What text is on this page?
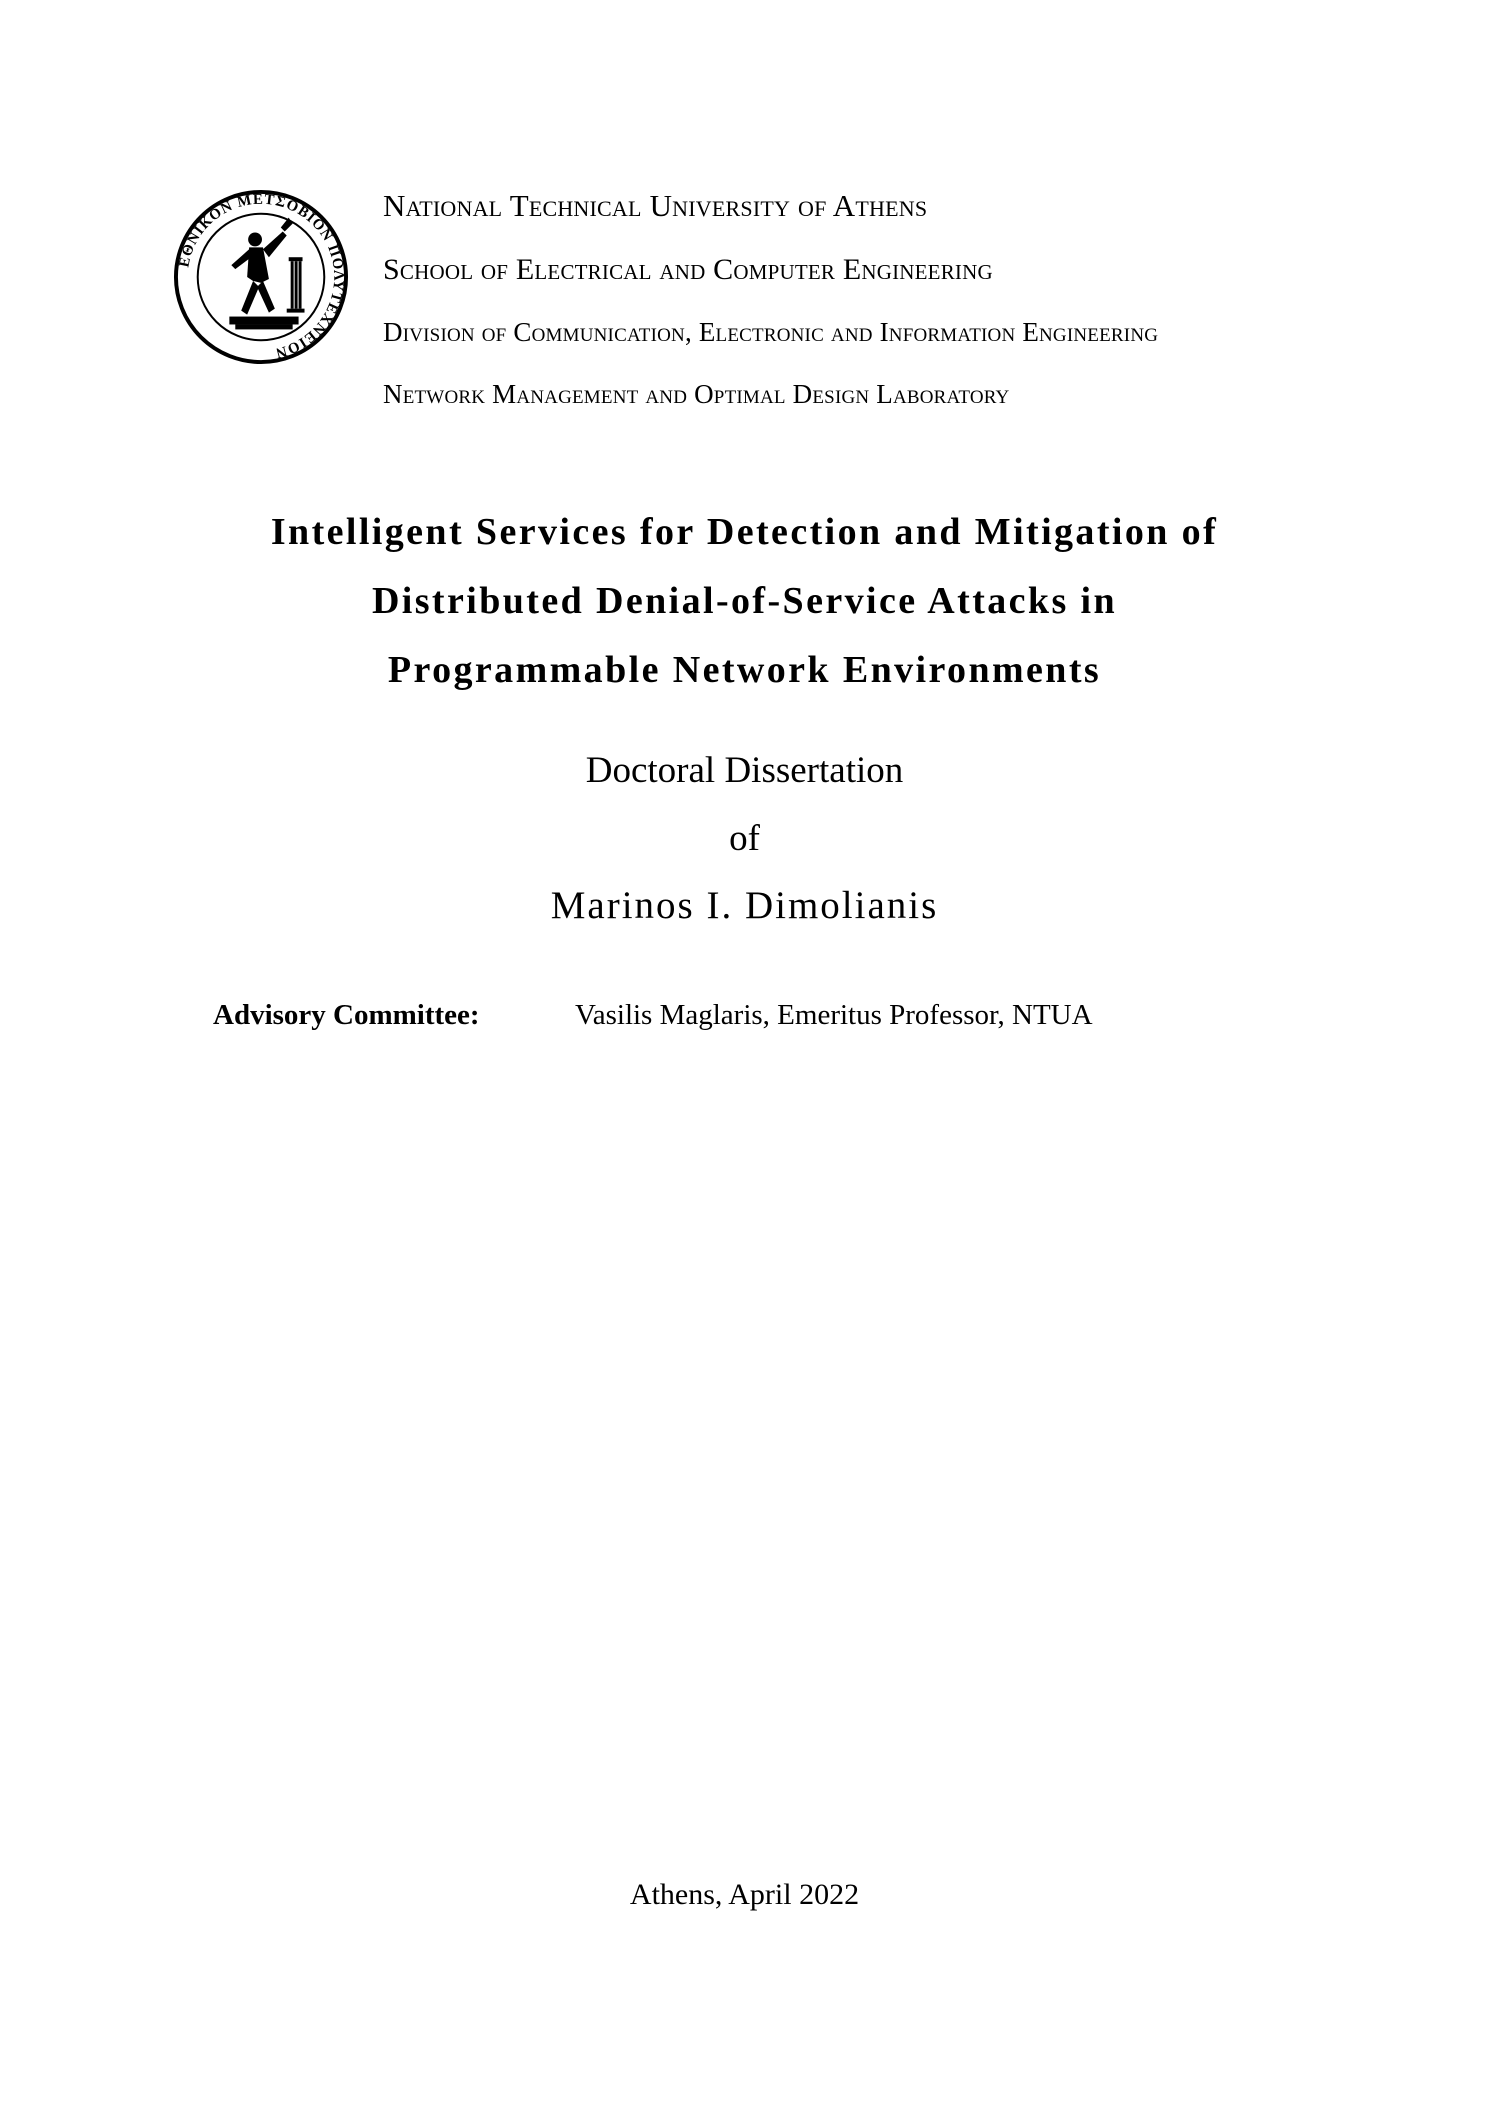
ΕΘΝΙΚΟΝ ΜΕΤΣΟΒΙΟΝ ΠΟΛΥΤΕΧΝΕΙΟΝ
National Technical University of Athens
School of Electrical and Computer Engineering
Division of Communication, Electronic and Information Engineering
Network Management and Optimal Design Laboratory
Intelligent Services for Detection and Mitigation of
Distributed Denial-of-Service Attacks in
Programmable Network Environments
Doctoral Dissertation
of
Marinos I. Dimolianis
Advisory Committee:	Vasilis Maglaris, Emeritus Professor, NTUA
Athens, April 2022
